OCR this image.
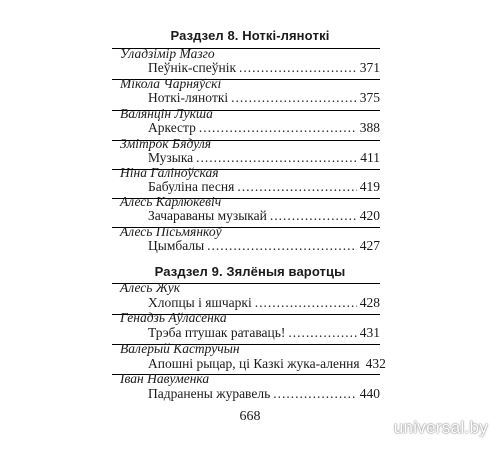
Раздзел 8. Ноткі-лянoткі
Уладзімір Мазго
Пеўнік-спеўнік .....	371
Мікола Чарняўскі
Ноткі-лянoткі .....	375
Валянцін Лукша
Аркестр .....	388
Змітрок Бядуля
Музыка .....	411
Ніна Галіноўская
Бабуліна песня .....	419
Алесь Карлюкевіч
Зачараваны музыкай .....	420
Алесь Пісьмянкоў
Цымбалы .....	427
Раздзел 9. Зялёныя варотцы
Алесь Жук
Хлопцы і яшчаркі .....	428
Генадзь Аўласенка
Трэба птушак ратаваць! .....	431
Валерый Кастручын
Апошні рыцар, ці Казкі жука-алення 432
Іван Навуменка
Падранены журавель .....	440
668
universal.by
